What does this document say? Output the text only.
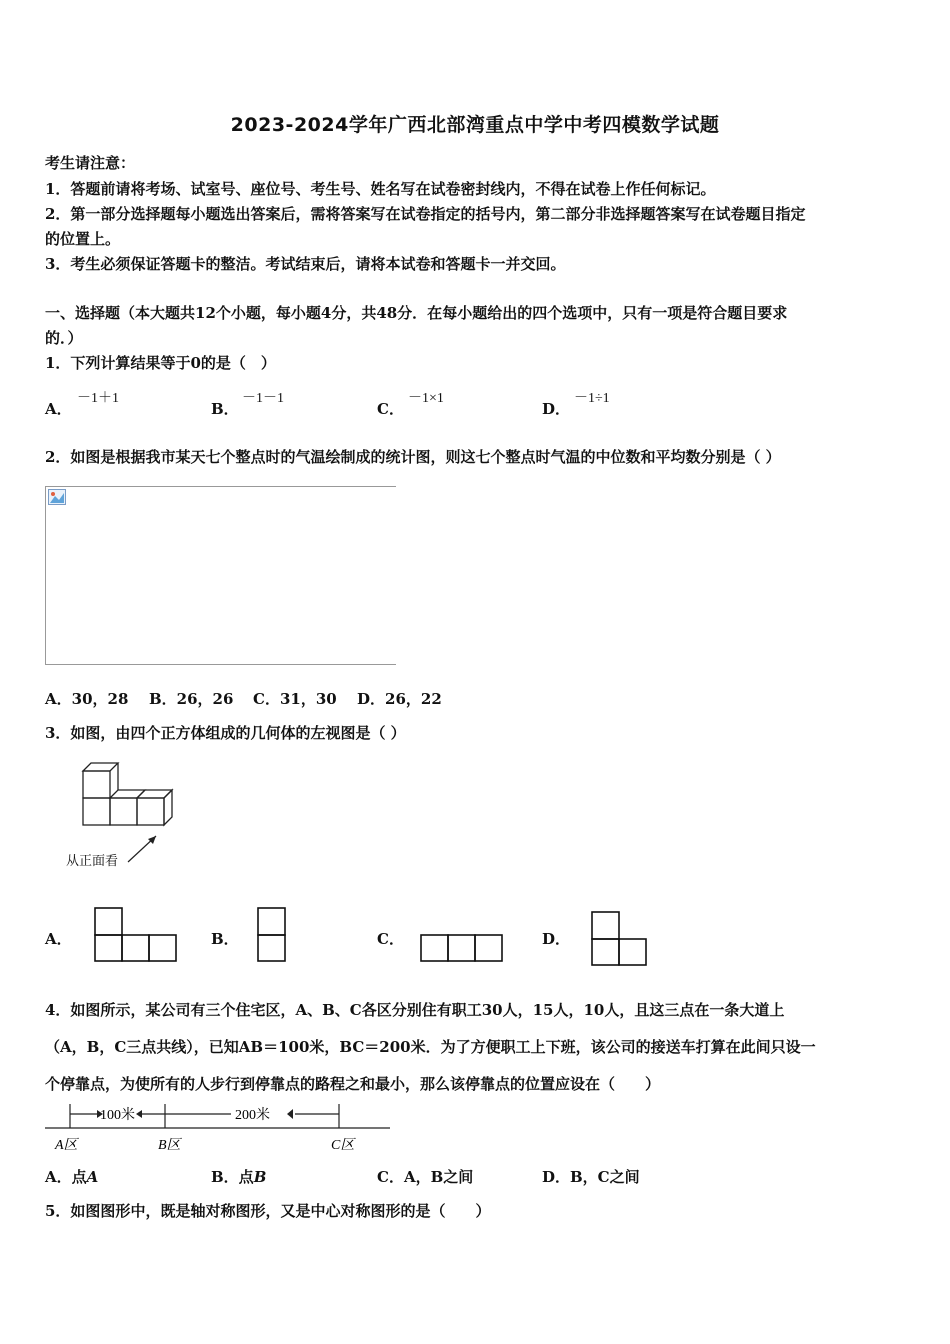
2023-2024学年广西北部湾重点中学中考四模数学试题
考生请注意：
1．答题前请将考场、试室号、座位号、考生号、姓名写在试卷密封线内，不得在试卷上作任何标记。
2．第一部分选择题每小题选出答案后，需将答案写在试卷指定的括号内，第二部分非选择题答案写在试卷题目指定
的位置上。
3．考生必须保证答题卡的整洁。考试结束后，请将本试卷和答题卡一并交回。
一、选择题（本大题共12个小题，每小题4分，共48分．在每小题给出的四个选项中，只有一项是符合题目要求
的．）
1．下列计算结果等于0的是（　）
A．
－1＋1
B．
－1－1
C．
－1×1
D．
－1÷1
2．如图是根据我市某天七个整点时的气温绘制成的统计图，则这七个整点时气温的中位数和平均数分别是（ ）
A．30，28 B．26，26 C．31，30 D．26，22
3．如图，由四个正方体组成的几何体的左视图是（ ）
从正面看
A．	B．	C．	D．
4．如图所示，某公司有三个住宅区，A、B、C各区分别住有职工30人，15人，10人，且这三点在一条大道上
（A，B，C三点共线），已知AB＝100米，BC＝200米．为了方便职工上下班，该公司的接送车打算在此间只设一
个停靠点，为使所有的人步行到停靠点的路程之和最小，那么该停靠点的位置应设在（　　）
100米	200米
A区	B区	C区
A．点A	B．点B	C．A，B之间	D．B，C之间
5．如图图形中，既是轴对称图形，又是中心对称图形的是（　　）
